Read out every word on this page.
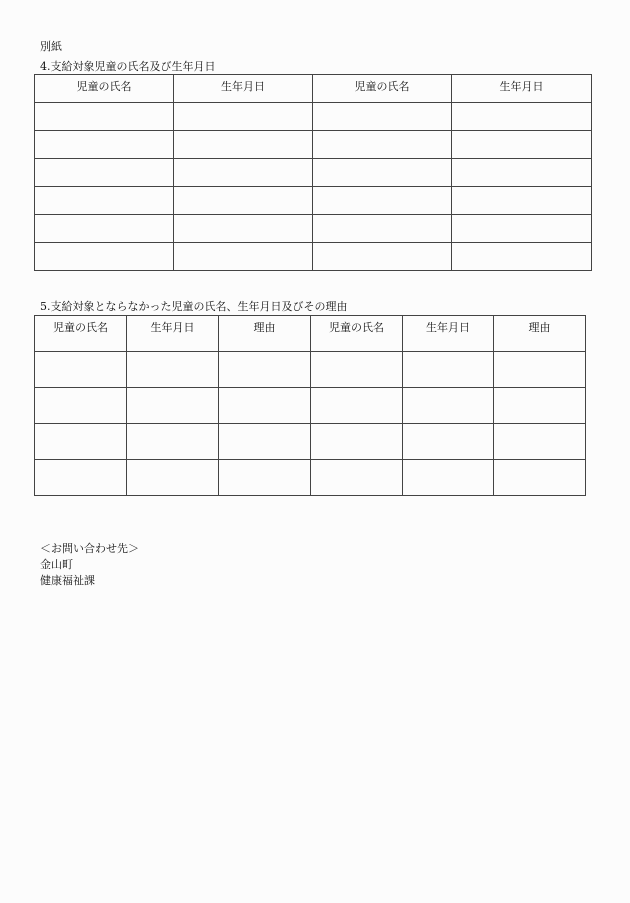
別紙
4.支給対象児童の氏名及び生年月日
児童の氏名	生年月日	児童の氏名	生年月日

5.支給対象とならなかった児童の氏名、生年月日及びその理由
児童の氏名	生年月日	理由	児童の氏名	生年月日	理由

＜お問い合わせ先＞
金山町
健康福祉課
